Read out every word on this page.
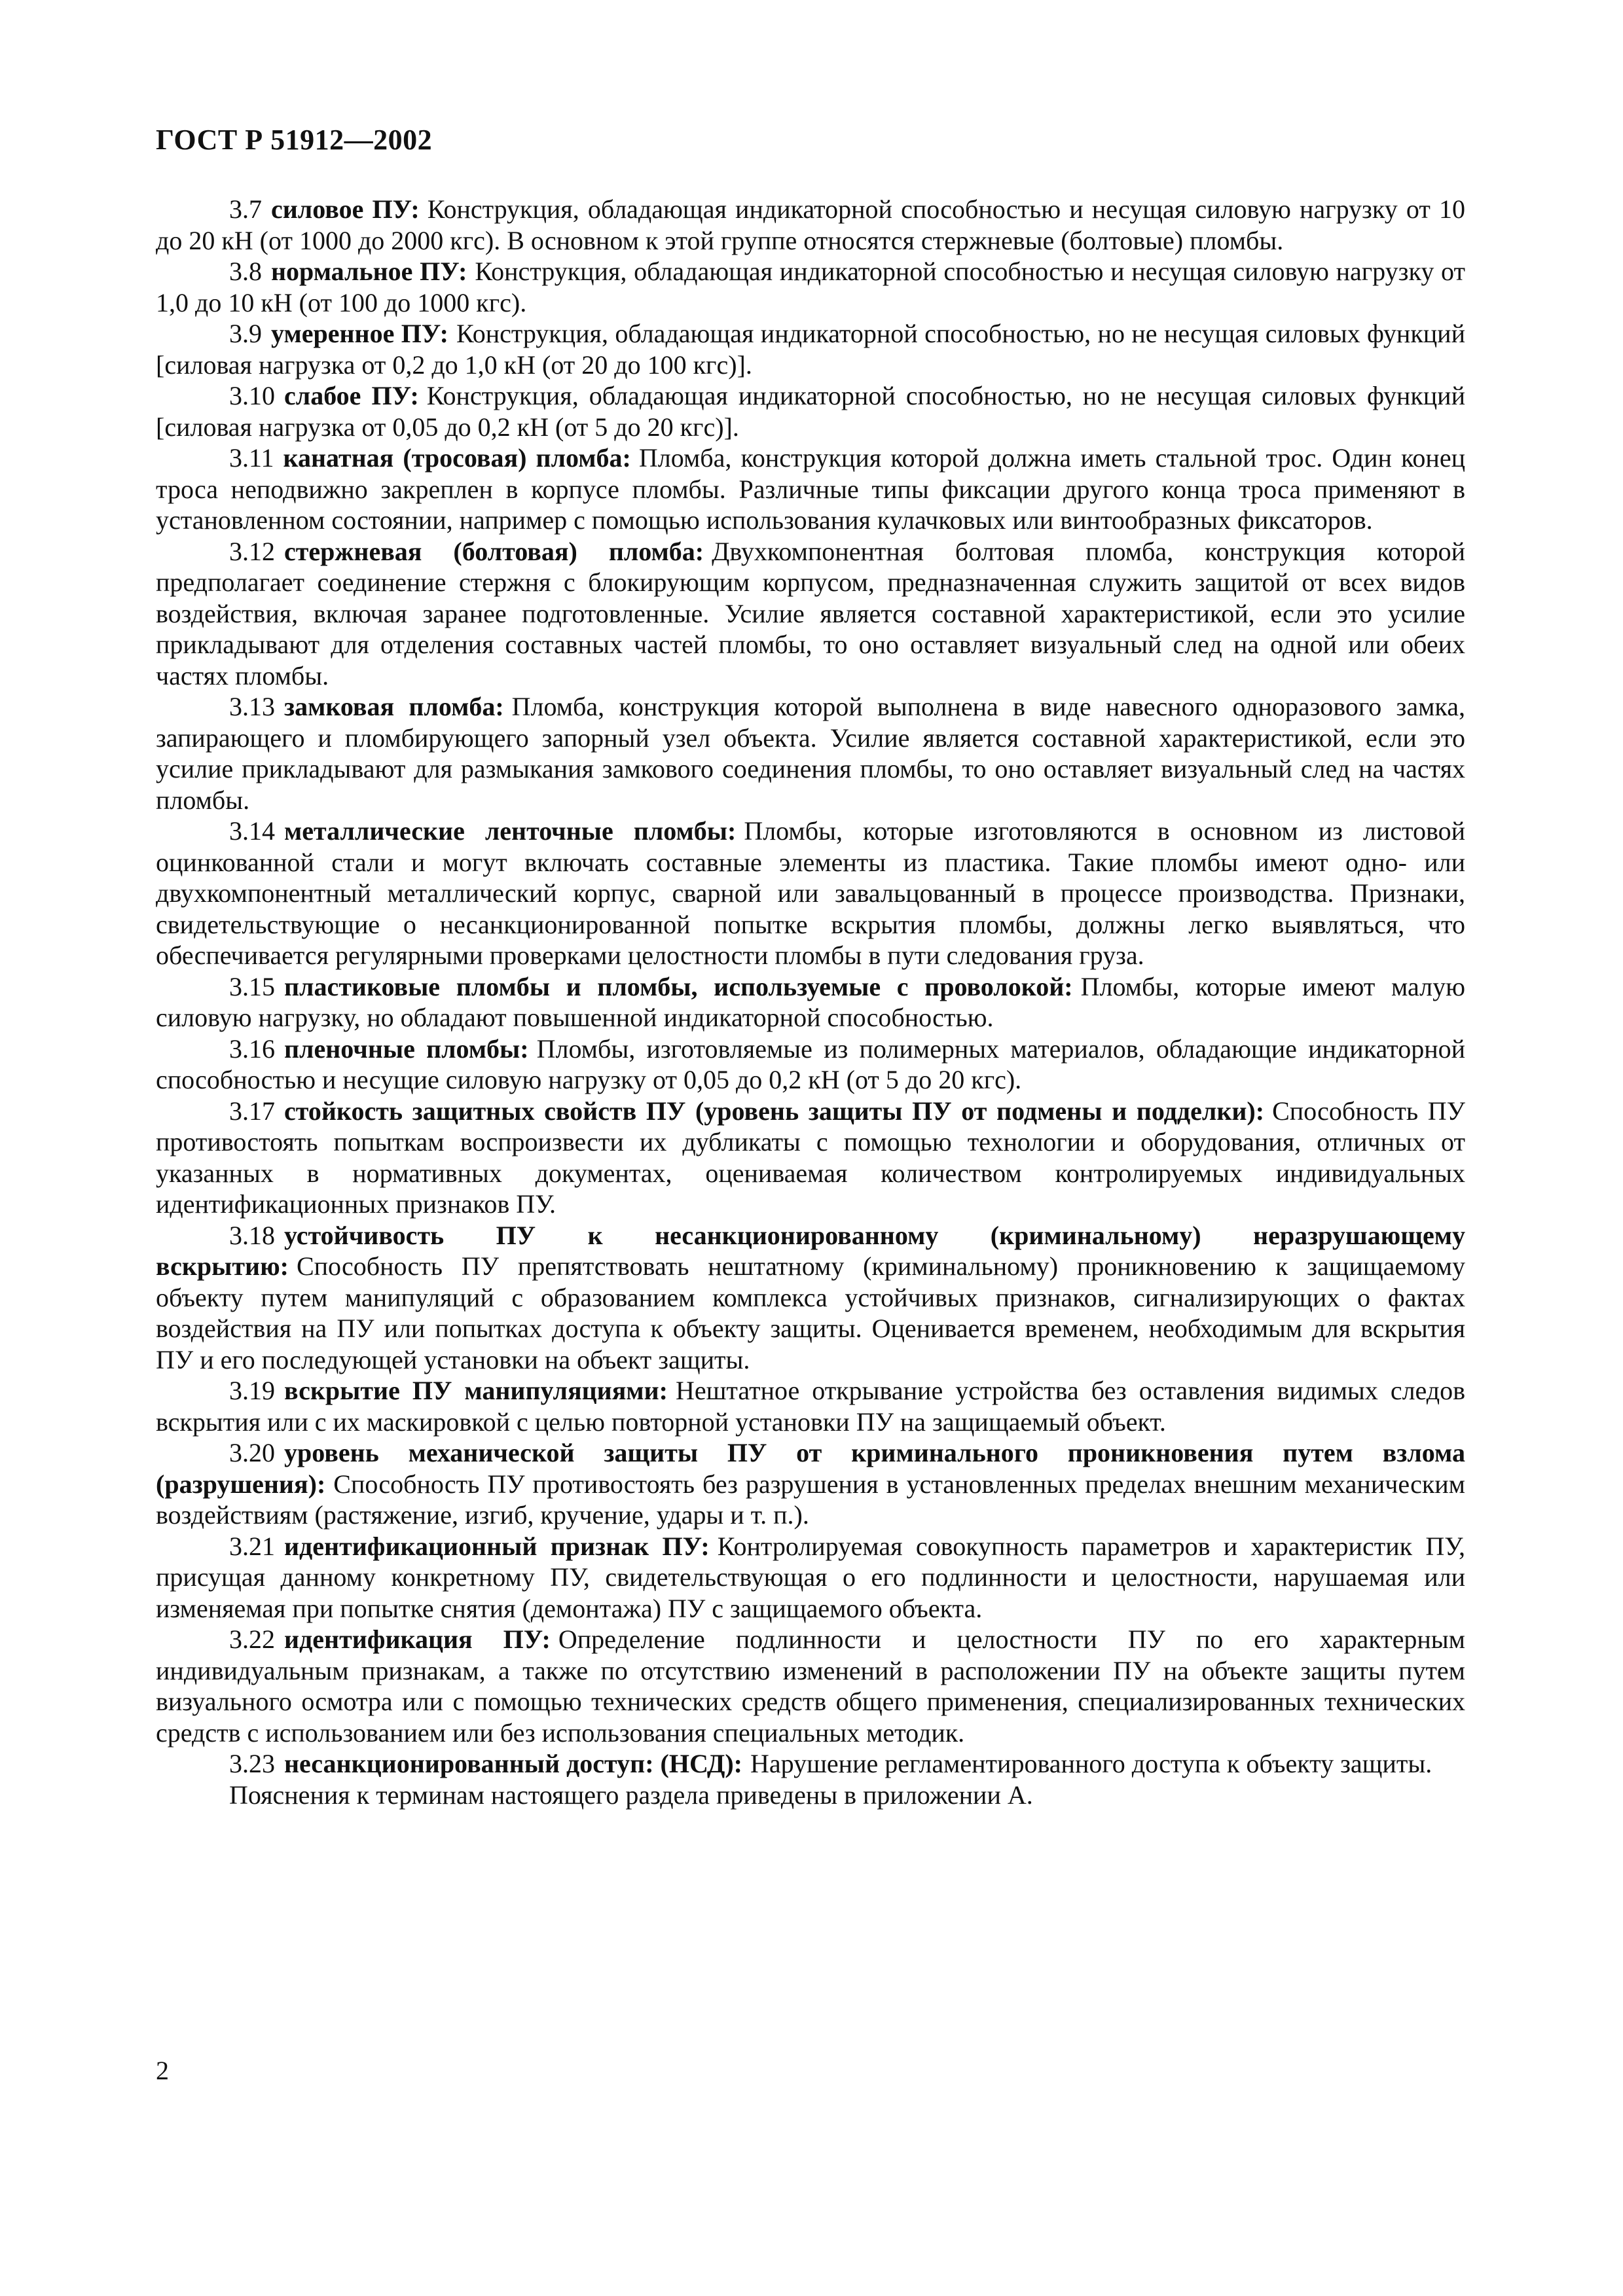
ГОСТ Р 51912—2002

3.7 силовое ПУ: Конструкция, обладающая индикаторной способностью и несущая силовую нагрузку от 10 до 20 кН (от 1000 до 2000 кгс). В основном к этой группе относятся стержневые (болтовые) пломбы.

3.8 нормальное ПУ: Конструкция, обладающая индикаторной способностью и несущая силовую нагрузку от 1,0 до 10 кН (от 100 до 1000 кгс).

3.9 умеренное ПУ: Конструкция, обладающая индикаторной способностью, но не несущая силовых функций [силовая нагрузка от 0,2 до 1,0 кН (от 20 до 100 кгс)].

3.10 слабое ПУ: Конструкция, обладающая индикаторной способностью, но не несущая силовых функций [силовая нагрузка от 0,05 до 0,2 кН (от 5 до 20 кгс)].

3.11 канатная (тросовая) пломба: Пломба, конструкция которой должна иметь стальной трос. Один конец троса неподвижно закреплен в корпусе пломбы. Различные типы фиксации другого конца троса применяют в установленном состоянии, например с помощью использования кулачковых или винтообразных фиксаторов.

3.12 стержневая (болтовая) пломба: Двухкомпонентная болтовая пломба, конструкция которой предполагает соединение стержня с блокирующим корпусом, предназначенная служить защитой от всех видов воздействия, включая заранее подготовленные. Усилие является составной характеристикой, если это усилие прикладывают для отделения составных частей пломбы, то оно оставляет визуальный след на одной или обеих частях пломбы.

3.13 замковая пломба: Пломба, конструкция которой выполнена в виде навесного одноразового замка, запирающего и пломбирующего запорный узел объекта. Усилие является составной характеристикой, если это усилие прикладывают для размыкания замкового соединения пломбы, то оно оставляет визуальный след на частях пломбы.

3.14 металлические ленточные пломбы: Пломбы, которые изготовляются в основном из листовой оцинкованной стали и могут включать составные элементы из пластика. Такие пломбы имеют одно- или двухкомпонентный металлический корпус, сварной или завальцованный в процессе производства. Признаки, свидетельствующие о несанкционированной попытке вскрытия пломбы, должны легко выявляться, что обеспечивается регулярными проверками целостности пломбы в пути следования груза.

3.15 пластиковые пломбы и пломбы, используемые с проволокой: Пломбы, которые имеют малую силовую нагрузку, но обладают повышенной индикаторной способностью.

3.16 пленочные пломбы: Пломбы, изготовляемые из полимерных материалов, обладающие индикаторной способностью и несущие силовую нагрузку от 0,05 до 0,2 кН (от 5 до 20 кгс).

3.17 стойкость защитных свойств ПУ (уровень защиты ПУ от подмены и подделки): Способность ПУ противостоять попыткам воспроизвести их дубликаты с помощью технологии и оборудования, отличных от указанных в нормативных документах, оцениваемая количеством контролируемых индивидуальных идентификационных признаков ПУ.

3.18 устойчивость ПУ к несанкционированному (криминальному) неразрушающему вскрытию: Способность ПУ препятствовать нештатному (криминальному) проникновению к защищаемому объекту путем манипуляций с образованием комплекса устойчивых признаков, сигнализирующих о фактах воздействия на ПУ или попытках доступа к объекту защиты. Оценивается временем, необходимым для вскрытия ПУ и его последующей установки на объект защиты.

3.19 вскрытие ПУ манипуляциями: Нештатное открывание устройства без оставления видимых следов вскрытия или с их маскировкой с целью повторной установки ПУ на защищаемый объект.

3.20 уровень механической защиты ПУ от криминального проникновения путем взлома (разрушения): Способность ПУ противостоять без разрушения в установленных пределах внешним механическим воздействиям (растяжение, изгиб, кручение, удары и т. п.).

3.21 идентификационный признак ПУ: Контролируемая совокупность параметров и характеристик ПУ, присущая данному конкретному ПУ, свидетельствующая о его подлинности и целостности, нарушаемая или изменяемая при попытке снятия (демонтажа) ПУ с защищаемого объекта.

3.22 идентификация ПУ: Определение подлинности и целостности ПУ по его характерным индивидуальным признакам, а также по отсутствию изменений в расположении ПУ на объекте защиты путем визуального осмотра или с помощью технических средств общего применения, специализированных технических средств с использованием или без использования специальных методик.

3.23 несанкционированный доступ: (НСД): Нарушение регламентированного доступа к объекту защиты.

Пояснения к терминам настоящего раздела приведены в приложении А.

2
